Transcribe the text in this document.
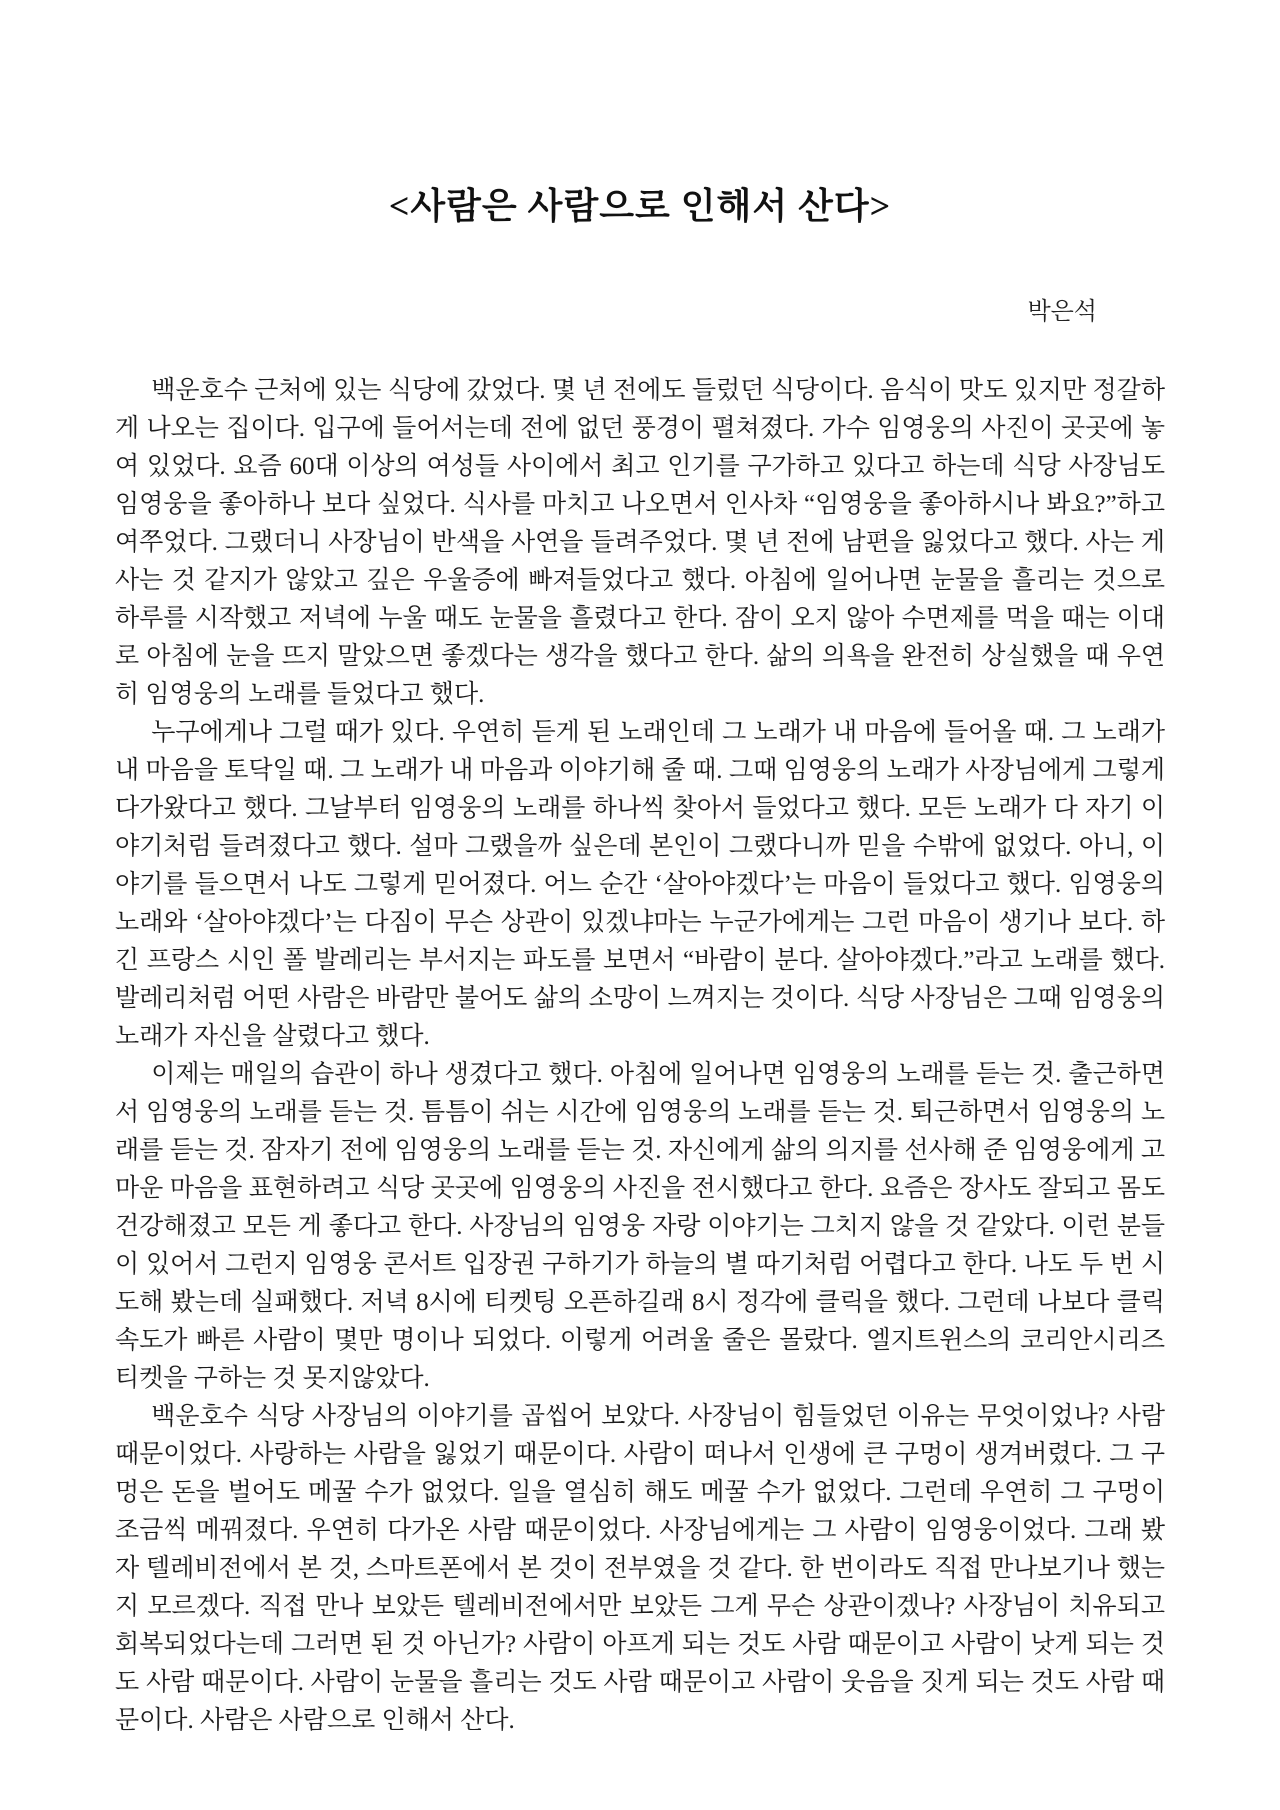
<사람은 사람으로 인해서 산다>
박은석

백운호수 근처에 있는 식당에 갔었다. 몇 년 전에도 들렀던 식당이다. 음식이 맛도 있지만 정갈하게 나오는 집이다. 입구에 들어서는데 전에 없던 풍경이 펼쳐졌다. 가수 임영웅의 사진이 곳곳에 놓여 있었다. 요즘 60대 이상의 여성들 사이에서 최고 인기를 구가하고 있다고 하는데 식당 사장님도 임영웅을 좋아하나 보다 싶었다. 식사를 마치고 나오면서 인사차 “임영웅을 좋아하시나 봐요?”하고 여쭈었다. 그랬더니 사장님이 반색을 사연을 들려주었다. 몇 년 전에 남편을 잃었다고 했다. 사는 게 사는 것 같지가 않았고 깊은 우울증에 빠져들었다고 했다. 아침에 일어나면 눈물을 흘리는 것으로 하루를 시작했고 저녁에 누울 때도 눈물을 흘렸다고 한다. 잠이 오지 않아 수면제를 먹을 때는 이대로 아침에 눈을 뜨지 말았으면 좋겠다는 생각을 했다고 한다. 삶의 의욕을 완전히 상실했을 때 우연히 임영웅의 노래를 들었다고 했다.

누구에게나 그럴 때가 있다. 우연히 듣게 된 노래인데 그 노래가 내 마음에 들어올 때. 그 노래가 내 마음을 토닥일 때. 그 노래가 내 마음과 이야기해 줄 때. 그때 임영웅의 노래가 사장님에게 그렇게 다가왔다고 했다. 그날부터 임영웅의 노래를 하나씩 찾아서 들었다고 했다. 모든 노래가 다 자기 이야기처럼 들려졌다고 했다. 설마 그랬을까 싶은데 본인이 그랬다니까 믿을 수밖에 없었다. 아니, 이야기를 들으면서 나도 그렇게 믿어졌다. 어느 순간 ‘살아야겠다’는 마음이 들었다고 했다. 임영웅의 노래와 ‘살아야겠다’는 다짐이 무슨 상관이 있겠냐마는 누군가에게는 그런 마음이 생기나 보다. 하긴 프랑스 시인 폴 발레리는 부서지는 파도를 보면서 “바람이 분다. 살아야겠다.”라고 노래를 했다. 발레리처럼 어떤 사람은 바람만 불어도 삶의 소망이 느껴지는 것이다. 식당 사장님은 그때 임영웅의 노래가 자신을 살렸다고 했다.

이제는 매일의 습관이 하나 생겼다고 했다. 아침에 일어나면 임영웅의 노래를 듣는 것. 출근하면서 임영웅의 노래를 듣는 것. 틈틈이 쉬는 시간에 임영웅의 노래를 듣는 것. 퇴근하면서 임영웅의 노래를 듣는 것. 잠자기 전에 임영웅의 노래를 듣는 것. 자신에게 삶의 의지를 선사해 준 임영웅에게 고마운 마음을 표현하려고 식당 곳곳에 임영웅의 사진을 전시했다고 한다. 요즘은 장사도 잘되고 몸도 건강해졌고 모든 게 좋다고 한다. 사장님의 임영웅 자랑 이야기는 그치지 않을 것 같았다. 이런 분들이 있어서 그런지 임영웅 콘서트 입장권 구하기가 하늘의 별 따기처럼 어렵다고 한다. 나도 두 번 시도해 봤는데 실패했다. 저녁 8시에 티켓팅 오픈하길래 8시 정각에 클릭을 했다. 그런데 나보다 클릭 속도가 빠른 사람이 몇만 명이나 되었다. 이렇게 어려울 줄은 몰랐다. 엘지트윈스의 코리안시리즈 티켓을 구하는 것 못지않았다.

백운호수 식당 사장님의 이야기를 곱씹어 보았다. 사장님이 힘들었던 이유는 무엇이었나? 사람 때문이었다. 사랑하는 사람을 잃었기 때문이다. 사람이 떠나서 인생에 큰 구멍이 생겨버렸다. 그 구멍은 돈을 벌어도 메꿀 수가 없었다. 일을 열심히 해도 메꿀 수가 없었다. 그런데 우연히 그 구멍이 조금씩 메꿔졌다. 우연히 다가온 사람 때문이었다. 사장님에게는 그 사람이 임영웅이었다. 그래 봤자 텔레비전에서 본 것, 스마트폰에서 본 것이 전부였을 것 같다. 한 번이라도 직접 만나보기나 했는지 모르겠다. 직접 만나 보았든 텔레비전에서만 보았든 그게 무슨 상관이겠나? 사장님이 치유되고 회복되었다는데 그러면 된 것 아닌가? 사람이 아프게 되는 것도 사람 때문이고 사람이 낫게 되는 것도 사람 때문이다. 사람이 눈물을 흘리는 것도 사람 때문이고 사람이 웃음을 짓게 되는 것도 사람 때문이다. 사람은 사람으로 인해서 산다.
